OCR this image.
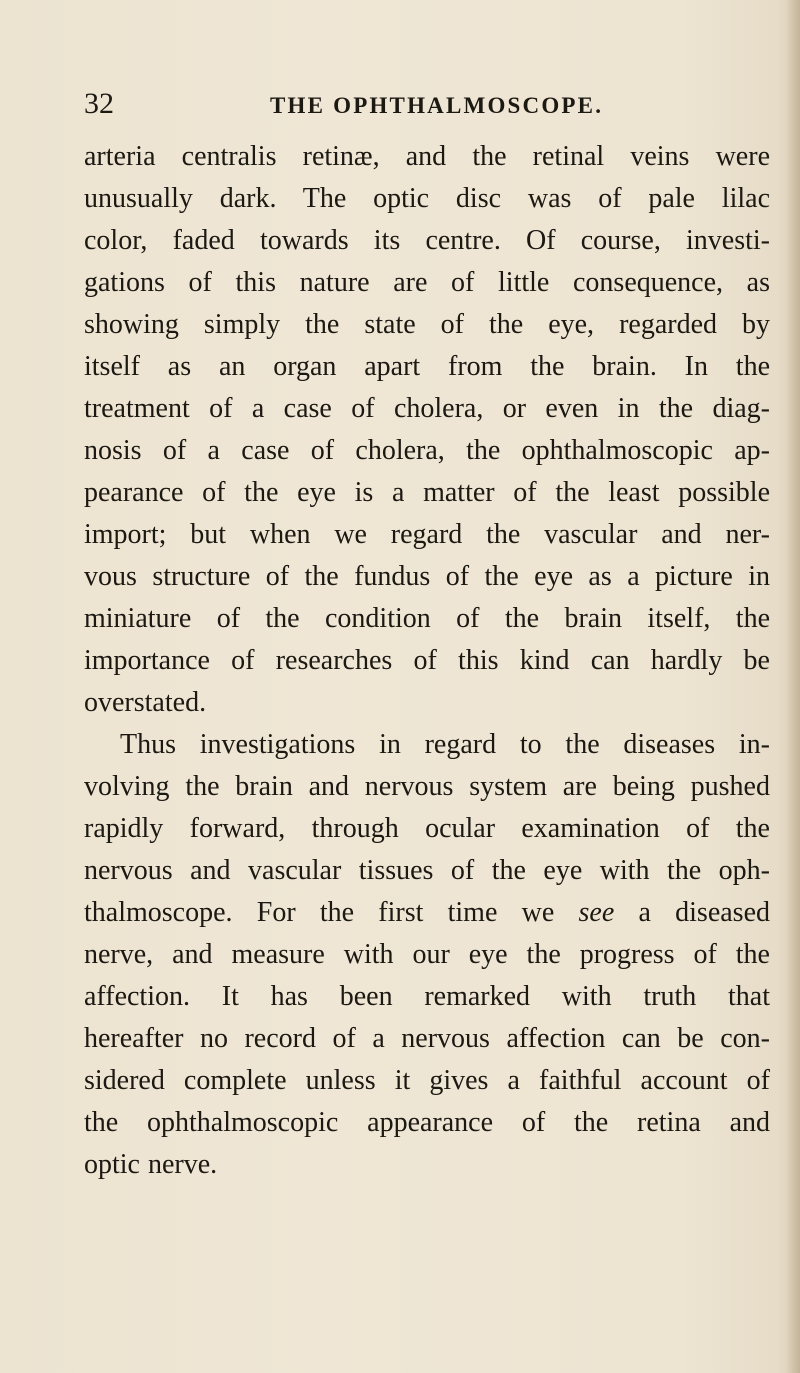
32	THE OPHTHALMOSCOPE.
arteria centralis retinæ, and the retinal veins were
unusually dark. The optic disc was of pale lilac
color, faded towards its centre. Of course, investi-
gations of this nature are of little consequence, as
showing simply the state of the eye, regarded by
itself as an organ apart from the brain. In the
treatment of a case of cholera, or even in the diag-
nosis of a case of cholera, the ophthalmoscopic ap-
pearance of the eye is a matter of the least possible
import; but when we regard the vascular and ner-
vous structure of the fundus of the eye as a picture in
miniature of the condition of the brain itself, the
importance of researches of this kind can hardly be
overstated.
Thus investigations in regard to the diseases in-
volving the brain and nervous system are being pushed
rapidly forward, through ocular examination of the
nervous and vascular tissues of the eye with the oph-
thalmoscope. For the first time we see a diseased
nerve, and measure with our eye the progress of the
affection. It has been remarked with truth that
hereafter no record of a nervous affection can be con-
sidered complete unless it gives a faithful account of
the ophthalmoscopic appearance of the retina and
optic nerve.
